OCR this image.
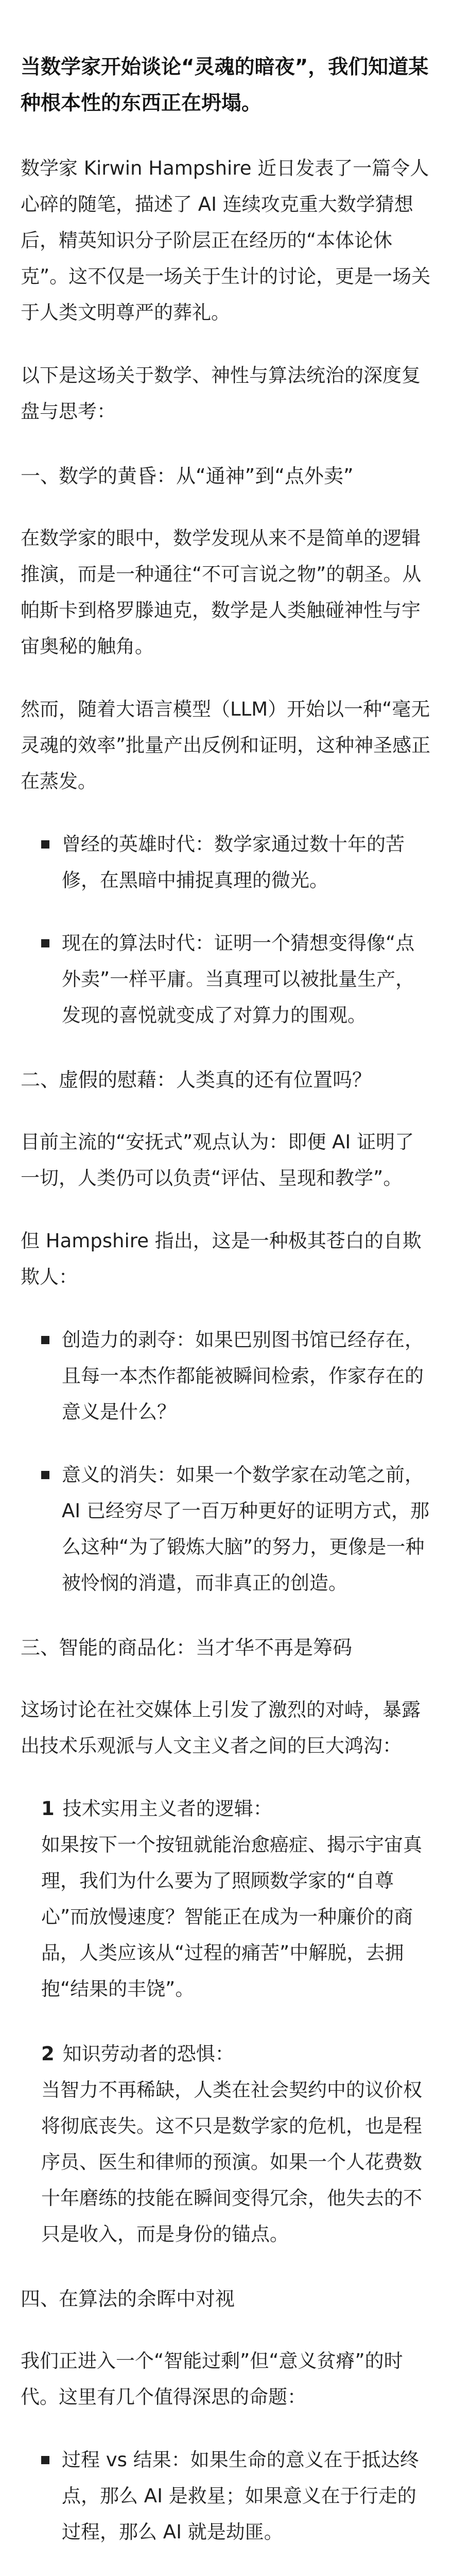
当数学家开始谈论“灵魂的暗夜”，我们知道某种根本性的东西正在坍塌。
数学家 Kirwin Hampshire 近日发表了一篇令人心碎的随笔，描述了 AI 连续攻克重大数学猜想后，精英知识分子阶层正在经历的“本体论休克”。这不仅是一场关于生计的讨论，更是一场关于人类文明尊严的葬礼。
以下是这场关于数学、神性与算法统治的深度复盘与思考：
一、数学的黄昏：从“通神”到“点外卖”
在数学家的眼中，数学发现从来不是简单的逻辑推演，而是一种通往“不可言说之物”的朝圣。从帕斯卡到格罗滕迪克，数学是人类触碰神性与宇宙奥秘的触角。
然而，随着大语言模型（LLM）开始以一种“毫无灵魂的效率”批量产出反例和证明，这种神圣感正在蒸发。
曾经的英雄时代：数学家通过数十年的苦修，在黑暗中捕捉真理的微光。
现在的算法时代：证明一个猜想变得像“点外卖”一样平庸。当真理可以被批量生产，发现的喜悦就变成了对算力的围观。
二、虚假的慰藉：人类真的还有位置吗？
目前主流的“安抚式”观点认为：即便 AI 证明了一切，人类仍可以负责“评估、呈现和教学”。
但 Hampshire 指出，这是一种极其苍白的自欺欺人：
创造力的剥夺：如果巴别图书馆已经存在，且每一本杰作都能被瞬间检索，作家存在的意义是什么？
意义的消失：如果一个数学家在动笔之前，AI 已经穷尽了一百万种更好的证明方式，那么这种“为了锻炼大脑”的努力，更像是一种被怜悯的消遣，而非真正的创造。
三、智能的商品化：当才华不再是筹码
这场讨论在社交媒体上引发了激烈的对峙，暴露出技术乐观派与人文主义者之间的巨大鸿沟：
1 技术实用主义者的逻辑：
如果按下一个按钮就能治愈癌症、揭示宇宙真理，我们为什么要为了照顾数学家的“自尊心”而放慢速度？智能正在成为一种廉价的商品，人类应该从“过程的痛苦”中解脱，去拥抱“结果的丰饶”。
2 知识劳动者的恐惧：
当智力不再稀缺，人类在社会契约中的议价权将彻底丧失。这不只是数学家的危机，也是程序员、医生和律师的预演。如果一个人花费数十年磨练的技能在瞬间变得冗余，他失去的不只是收入，而是身份的锚点。
四、在算法的余晖中对视
我们正进入一个“智能过剩”但“意义贫瘠”的时代。这里有几个值得深思的命题：
过程 vs 结果：如果生命的意义在于抵达终点，那么 AI 是救星；如果意义在于行走的过程，那么 AI 就是劫匪。
